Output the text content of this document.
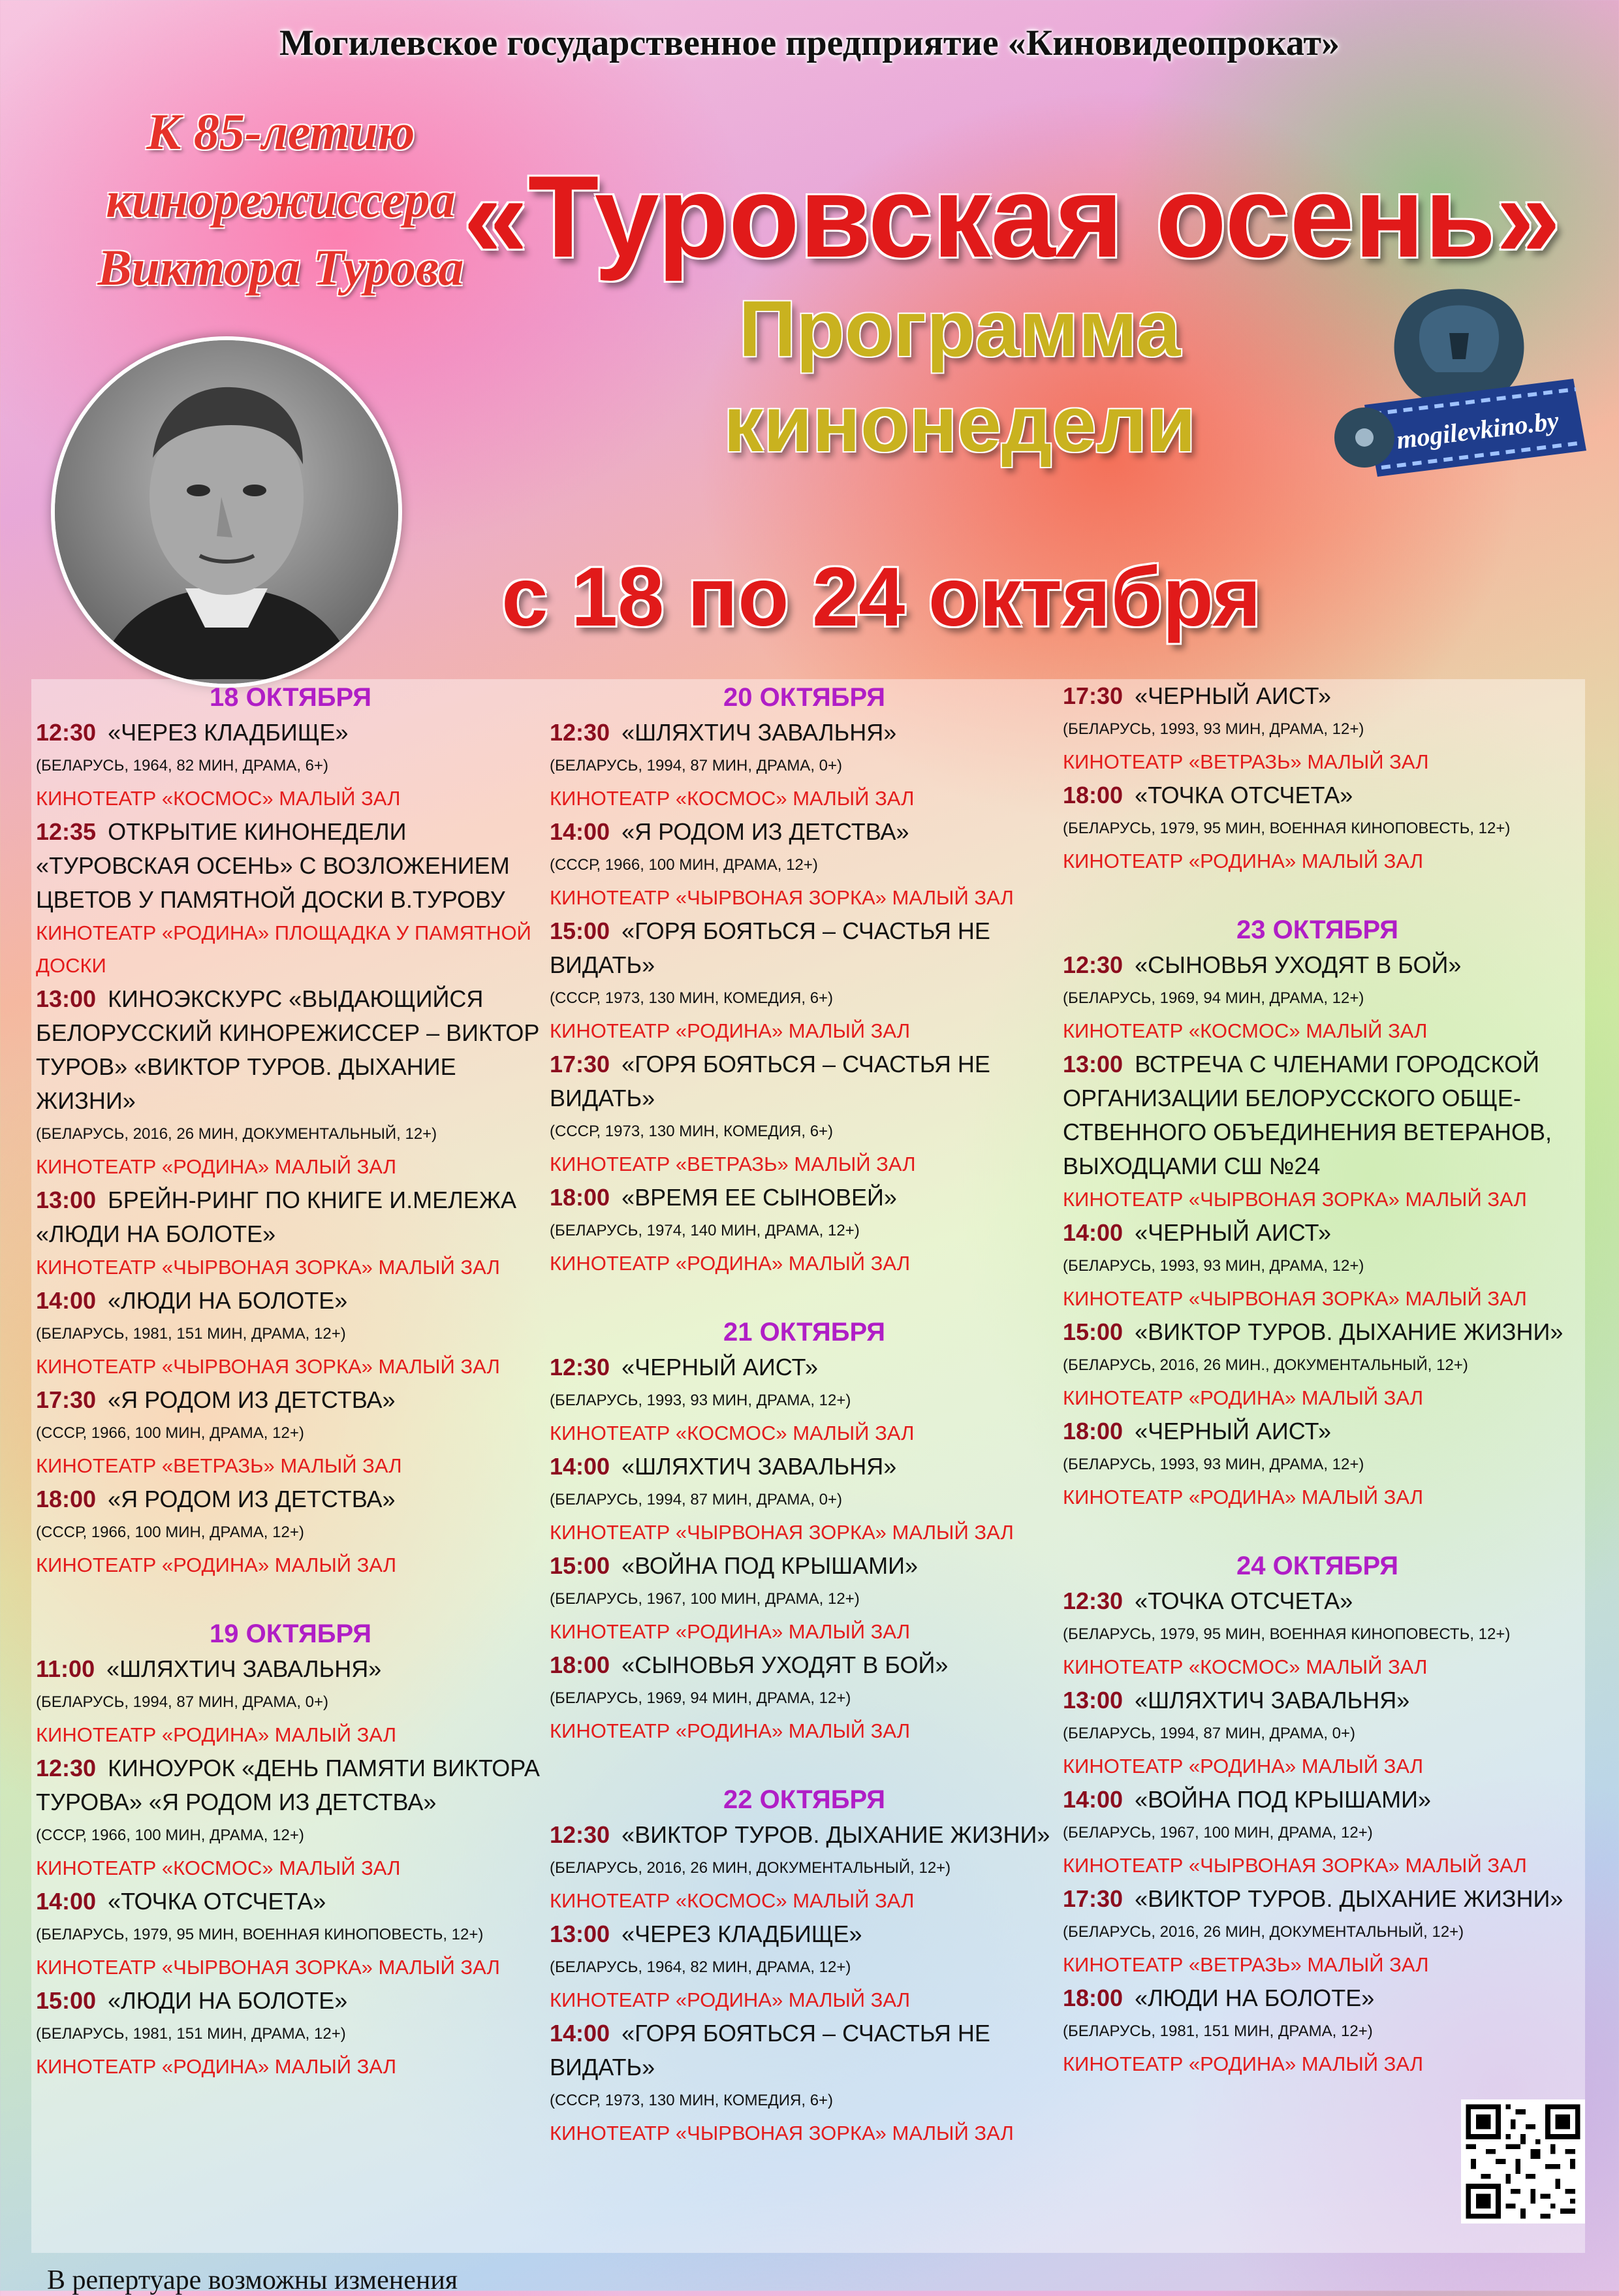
Могилевское государственное предприятие «Киновидеопрокат»
К 85-летию
кинорежиссера
Виктора Турова «Туровская осень»
Программа
кинонедели	mogilevkino.by
с 18 по 24 октября
18 ОКТЯБРЯ
12:30 «ЧЕРЕЗ КЛАДБИЩЕ»
(БЕЛАРУСЬ, 1964, 82 МИН, ДРАМА, 6+)
КИНОТЕАТР «КОСМОС» МАЛЫЙ ЗАЛ
12:35 ОТКРЫТИЕ КИНОНЕДЕЛИ «ТУРОВСКАЯ ОСЕНЬ» С ВОЗЛОЖЕНИЕМ ЦВЕТОВ У ПАМЯТНОЙ ДОСКИ В.ТУРОВУ
КИНОТЕАТР «РОДИНА» ПЛОЩАДКА У ПАМЯТНОЙ ДОСКИ
13:00 КИНОЭКСКУРС «ВЫДАЮЩИЙСЯ БЕЛОРУССКИЙ КИНОРЕЖИССЕР – ВИКТОР ТУРОВ» «ВИКТОР ТУРОВ. ДЫХАНИЕ ЖИЗНИ»
(БЕЛАРУСЬ, 2016, 26 МИН, ДОКУМЕНТАЛЬНЫЙ, 12+)
КИНОТЕАТР «РОДИНА» МАЛЫЙ ЗАЛ
13:00 БРЕЙН-РИНГ ПО КНИГЕ И.МЕЛЕЖА «ЛЮДИ НА БОЛОТЕ»
КИНОТЕАТР «ЧЫРВОНАЯ ЗОРКА» МАЛЫЙ ЗАЛ
14:00 «ЛЮДИ НА БОЛОТЕ»
(БЕЛАРУСЬ, 1981, 151 МИН, ДРАМА, 12+)
КИНОТЕАТР «ЧЫРВОНАЯ ЗОРКА» МАЛЫЙ ЗАЛ
17:30 «Я РОДОМ ИЗ ДЕТСТВА»
(СССР, 1966, 100 МИН, ДРАМА, 12+)
КИНОТЕАТР «ВЕТРАЗЬ» МАЛЫЙ ЗАЛ
18:00 «Я РОДОМ ИЗ ДЕТСТВА»
(СССР, 1966, 100 МИН, ДРАМА, 12+)
КИНОТЕАТР «РОДИНА» МАЛЫЙ ЗАЛ
19 ОКТЯБРЯ
11:00 «ШЛЯХТИЧ ЗАВАЛЬНЯ»
(БЕЛАРУСЬ, 1994, 87 МИН, ДРАМА, 0+)
КИНОТЕАТР «РОДИНА» МАЛЫЙ ЗАЛ
12:30 КИНОУРОК «ДЕНЬ ПАМЯТИ ВИКТОРА ТУРОВА» «Я РОДОМ ИЗ ДЕТСТВА»
(СССР, 1966, 100 МИН, ДРАМА, 12+)
КИНОТЕАТР «КОСМОС» МАЛЫЙ ЗАЛ
14:00 «ТОЧКА ОТСЧЕТА»
(БЕЛАРУСЬ, 1979, 95 МИН, ВОЕННАЯ КИНОПОВЕСТЬ, 12+)
КИНОТЕАТР «ЧЫРВОНАЯ ЗОРКА» МАЛЫЙ ЗАЛ
15:00 «ЛЮДИ НА БОЛОТЕ»
(БЕЛАРУСЬ, 1981, 151 МИН, ДРАМА, 12+)
КИНОТЕАТР «РОДИНА» МАЛЫЙ ЗАЛ
20 ОКТЯБРЯ
12:30 «ШЛЯХТИЧ ЗАВАЛЬНЯ»
(БЕЛАРУСЬ, 1994, 87 МИН, ДРАМА, 0+)
КИНОТЕАТР «КОСМОС» МАЛЫЙ ЗАЛ
14:00 «Я РОДОМ ИЗ ДЕТСТВА»
(СССР, 1966, 100 МИН, ДРАМА, 12+)
КИНОТЕАТР «ЧЫРВОНАЯ ЗОРКА» МАЛЫЙ ЗАЛ
15:00 «ГОРЯ БОЯТЬСЯ – СЧАСТЬЯ НЕ ВИДАТЬ»
(СССР, 1973, 130 МИН, КОМЕДИЯ, 6+)
КИНОТЕАТР «РОДИНА» МАЛЫЙ ЗАЛ
17:30 «ГОРЯ БОЯТЬСЯ – СЧАСТЬЯ НЕ ВИДАТЬ»
(СССР, 1973, 130 МИН, КОМЕДИЯ, 6+)
КИНОТЕАТР «ВЕТРАЗЬ» МАЛЫЙ ЗАЛ
18:00 «ВРЕМЯ ЕЕ СЫНОВЕЙ»
(БЕЛАРУСЬ, 1974, 140 МИН, ДРАМА, 12+)
КИНОТЕАТР «РОДИНА» МАЛЫЙ ЗАЛ
21 ОКТЯБРЯ
12:30 «ЧЕРНЫЙ АИСТ»
(БЕЛАРУСЬ, 1993, 93 МИН, ДРАМА, 12+)
КИНОТЕАТР «КОСМОС» МАЛЫЙ ЗАЛ
14:00 «ШЛЯХТИЧ ЗАВАЛЬНЯ»
(БЕЛАРУСЬ, 1994, 87 МИН, ДРАМА, 0+)
КИНОТЕАТР «ЧЫРВОНАЯ ЗОРКА» МАЛЫЙ ЗАЛ
15:00 «ВОЙНА ПОД КРЫШАМИ»
(БЕЛАРУСЬ, 1967, 100 МИН, ДРАМА, 12+)
КИНОТЕАТР «РОДИНА» МАЛЫЙ ЗАЛ
18:00 «СЫНОВЬЯ УХОДЯТ В БОЙ»
(БЕЛАРУСЬ, 1969, 94 МИН, ДРАМА, 12+)
КИНОТЕАТР «РОДИНА» МАЛЫЙ ЗАЛ
22 ОКТЯБРЯ
12:30 «ВИКТОР ТУРОВ. ДЫХАНИЕ ЖИЗНИ»
(БЕЛАРУСЬ, 2016, 26 МИН, ДОКУМЕНТАЛЬНЫЙ, 12+)
КИНОТЕАТР «КОСМОС» МАЛЫЙ ЗАЛ
13:00 «ЧЕРЕЗ КЛАДБИЩЕ»
(БЕЛАРУСЬ, 1964, 82 МИН, ДРАМА, 12+)
КИНОТЕАТР «РОДИНА» МАЛЫЙ ЗАЛ
14:00 «ГОРЯ БОЯТЬСЯ – СЧАСТЬЯ НЕ ВИДАТЬ»
(СССР, 1973, 130 МИН, КОМЕДИЯ, 6+)
КИНОТЕАТР «ЧЫРВОНАЯ ЗОРКА» МАЛЫЙ ЗАЛ
17:30 «ЧЕРНЫЙ АИСТ»
(БЕЛАРУСЬ, 1993, 93 МИН, ДРАМА, 12+)
КИНОТЕАТР «ВЕТРАЗЬ» МАЛЫЙ ЗАЛ
18:00 «ТОЧКА ОТСЧЕТА»
(БЕЛАРУСЬ, 1979, 95 МИН, ВОЕННАЯ КИНОПОВЕСТЬ, 12+)
КИНОТЕАТР «РОДИНА» МАЛЫЙ ЗАЛ
23 ОКТЯБРЯ
12:30 «СЫНОВЬЯ УХОДЯТ В БОЙ»
(БЕЛАРУСЬ, 1969, 94 МИН, ДРАМА, 12+)
КИНОТЕАТР «КОСМОС» МАЛЫЙ ЗАЛ
13:00 ВСТРЕЧА С ЧЛЕНАМИ ГОРОДСКОЙ ОРГАНИЗАЦИИ БЕЛОРУССКОГО ОБЩЕ-СТВЕННОГО ОБЪЕДИНЕНИЯ ВЕТЕРАНОВ, ВЫХОДЦАМИ СШ №24
КИНОТЕАТР «ЧЫРВОНАЯ ЗОРКА» МАЛЫЙ ЗАЛ
14:00 «ЧЕРНЫЙ АИСТ»
(БЕЛАРУСЬ, 1993, 93 МИН, ДРАМА, 12+)
КИНОТЕАТР «ЧЫРВОНАЯ ЗОРКА» МАЛЫЙ ЗАЛ
15:00 «ВИКТОР ТУРОВ. ДЫХАНИЕ ЖИЗНИ»
(БЕЛАРУСЬ, 2016, 26 МИН., ДОКУМЕНТАЛЬНЫЙ, 12+)
КИНОТЕАТР «РОДИНА» МАЛЫЙ ЗАЛ
18:00 «ЧЕРНЫЙ АИСТ»
(БЕЛАРУСЬ, 1993, 93 МИН, ДРАМА, 12+)
КИНОТЕАТР «РОДИНА» МАЛЫЙ ЗАЛ
24 ОКТЯБРЯ
12:30 «ТОЧКА ОТСЧЕТА»
(БЕЛАРУСЬ, 1979, 95 МИН, ВОЕННАЯ КИНОПОВЕСТЬ, 12+)
КИНОТЕАТР «КОСМОС» МАЛЫЙ ЗАЛ
13:00 «ШЛЯХТИЧ ЗАВАЛЬНЯ»
(БЕЛАРУСЬ, 1994, 87 МИН, ДРАМА, 0+)
КИНОТЕАТР «РОДИНА» МАЛЫЙ ЗАЛ
14:00 «ВОЙНА ПОД КРЫШАМИ»
(БЕЛАРУСЬ, 1967, 100 МИН, ДРАМА, 12+)
КИНОТЕАТР «ЧЫРВОНАЯ ЗОРКА» МАЛЫЙ ЗАЛ
17:30 «ВИКТОР ТУРОВ. ДЫХАНИЕ ЖИЗНИ»
(БЕЛАРУСЬ, 2016, 26 МИН, ДОКУМЕНТАЛЬНЫЙ, 12+)
КИНОТЕАТР «ВЕТРАЗЬ» МАЛЫЙ ЗАЛ
18:00 «ЛЮДИ НА БОЛОТЕ»
(БЕЛАРУСЬ, 1981, 151 МИН, ДРАМА, 12+)
КИНОТЕАТР «РОДИНА» МАЛЫЙ ЗАЛ
В репертуаре возможны изменения
